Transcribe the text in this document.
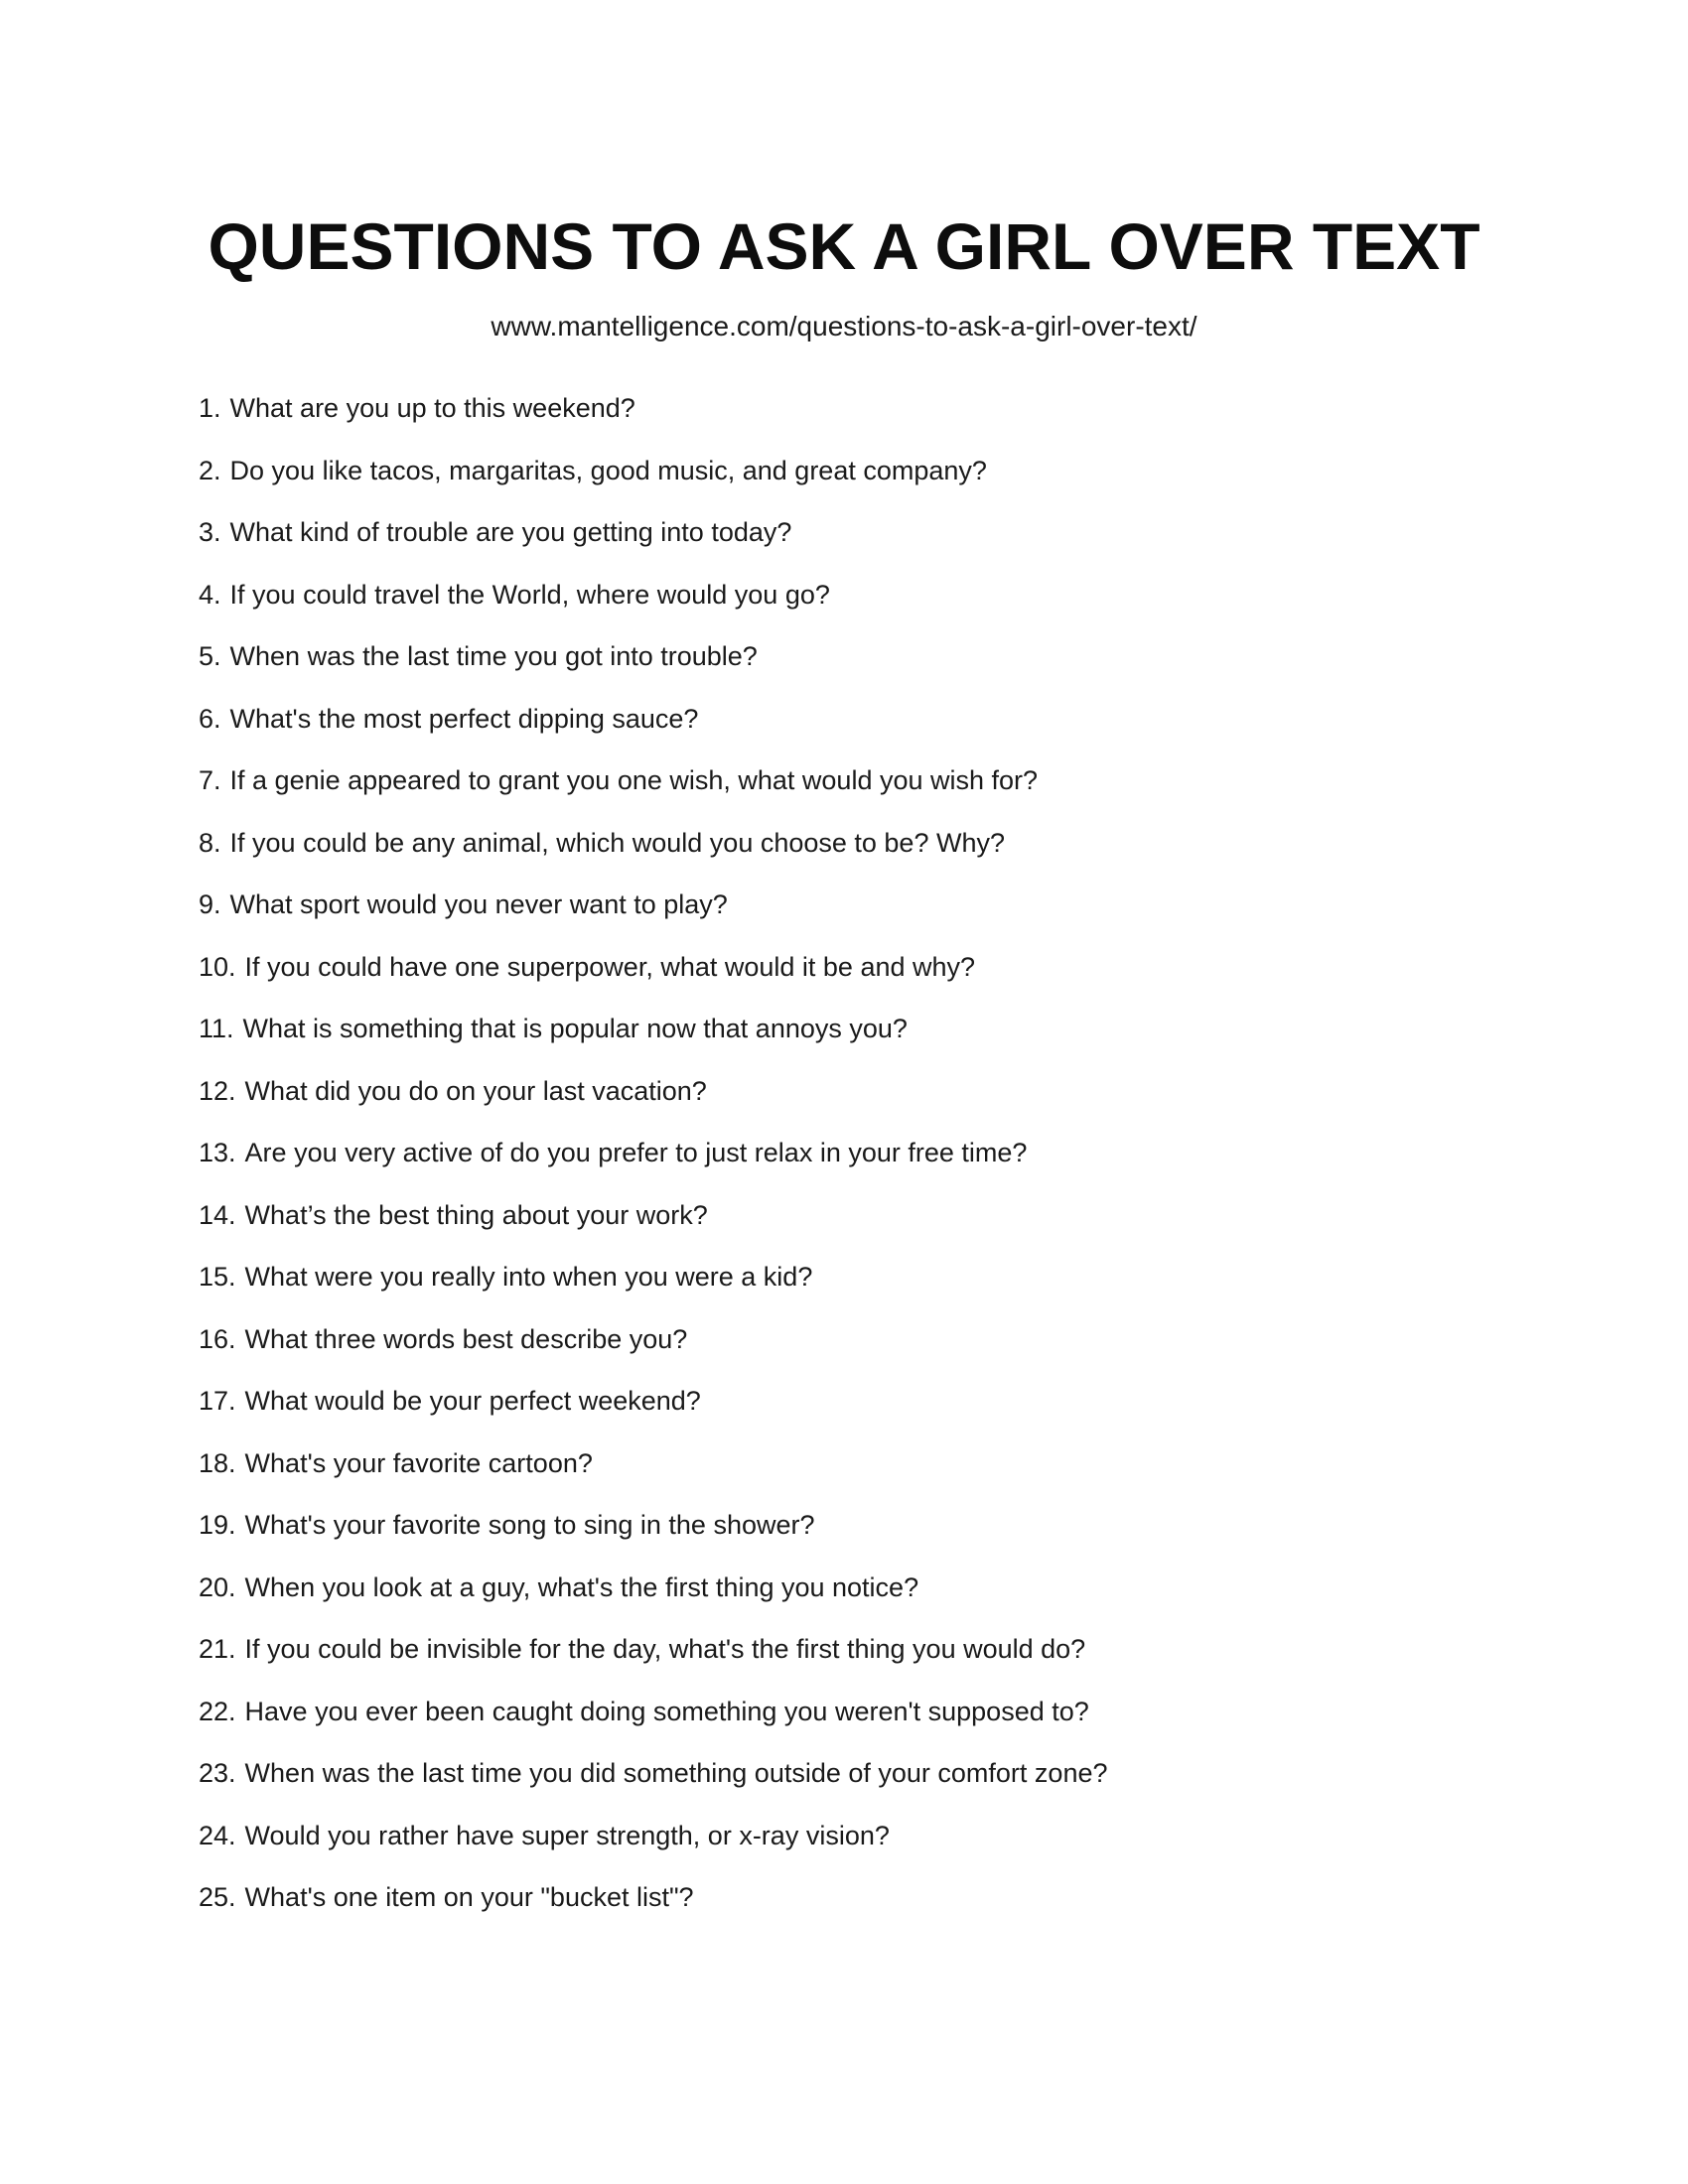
QUESTIONS TO ASK A GIRL OVER TEXT
www.mantelligence.com/questions-to-ask-a-girl-over-text/
1. What are you up to this weekend?
2. Do you like tacos, margaritas, good music, and great company?
3. What kind of trouble are you getting into today?
4. If you could travel the World, where would you go?
5. When was the last time you got into trouble?
6. What's the most perfect dipping sauce?
7. If a genie appeared to grant you one wish, what would you wish for?
8. If you could be any animal, which would you choose to be? Why?
9. What sport would you never want to play?
10. If you could have one superpower, what would it be and why?
11. What is something that is popular now that annoys you?
12. What did you do on your last vacation?
13. Are you very active of do you prefer to just relax in your free time?
14. What’s the best thing about your work?
15. What were you really into when you were a kid?
16. What three words best describe you?
17. What would be your perfect weekend?
18. What's your favorite cartoon?
19. What's your favorite song to sing in the shower?
20. When you look at a guy, what's the first thing you notice?
21. If you could be invisible for the day, what's the first thing you would do?
22. Have you ever been caught doing something you weren't supposed to?
23. When was the last time you did something outside of your comfort zone?
24. Would you rather have super strength, or x-ray vision?
25. What's one item on your "bucket list"?
